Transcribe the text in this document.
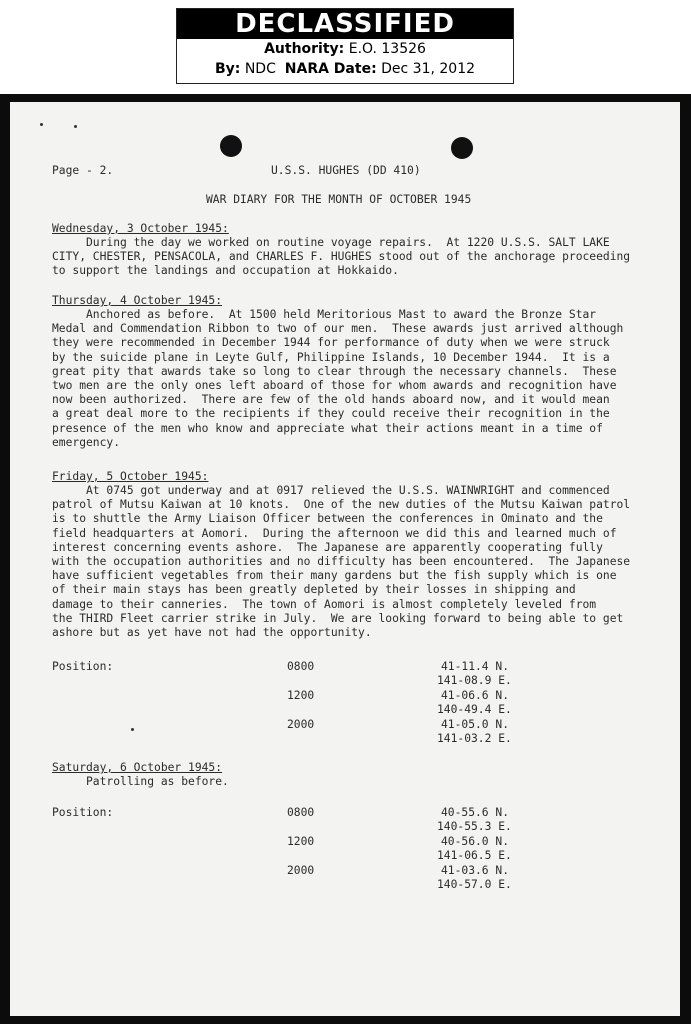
DECLASSIFIED
Authority: E.O. 13526
By: NDC NARA Date: Dec 31, 2012
Page - 2.	U.S.S. HUGHES (DD 410)
WAR DIARY FOR THE MONTH OF OCTOBER 1945
Wednesday, 3 October 1945:
During the day we worked on routine voyage repairs.  At 1220 U.S.S. SALT LAKE
CITY, CHESTER, PENSACOLA, and CHARLES F. HUGHES stood out of the anchorage proceeding
to support the landings and occupation at Hokkaido.
Thursday, 4 October 1945:
Anchored as before.  At 1500 held Meritorious Mast to award the Bronze Star
Medal and Commendation Ribbon to two of our men.  These awards just arrived although
they were recommended in December 1944 for performance of duty when we were struck
by the suicide plane in Leyte Gulf, Philippine Islands, 10 December 1944.  It is a
great pity that awards take so long to clear through the necessary channels.  These
two men are the only ones left aboard of those for whom awards and recognition have
now been authorized.  There are few of the old hands aboard now, and it would mean
a great deal more to the recipients if they could receive their recognition in the
presence of the men who know and appreciate what their actions meant in a time of
emergency.
Friday, 5 October 1945:
At 0745 got underway and at 0917 relieved the U.S.S. WAINWRIGHT and commenced
patrol of Mutsu Kaiwan at 10 knots.  One of the new duties of the Mutsu Kaiwan patrol
is to shuttle the Army Liaison Officer between the conferences in Ominato and the
field headquarters at Aomori.  During the afternoon we did this and learned much of
interest concerning events ashore.  The Japanese are apparently cooperating fully
with the occupation authorities and no difficulty has been encountered.  The Japanese
have sufficient vegetables from their many gardens but the fish supply which is one
of their main stays has been greatly depleted by their losses in shipping and
damage to their canneries.  The town of Aomori is almost completely leveled from
the THIRD Fleet carrier strike in July.  We are looking forward to being able to get
ashore but as yet have not had the opportunity.
Position:	0800	41-11.4 N.
141-08.9 E.
1200	41-06.6 N.
140-49.4 E.
2000	41-05.0 N.
141-03.2 E.
Saturday, 6 October 1945:
Patrolling as before.
Position:	0800	40-55.6 N.
140-55.3 E.
1200	40-56.0 N.
141-06.5 E.
2000	41-03.6 N.
140-57.0 E.
